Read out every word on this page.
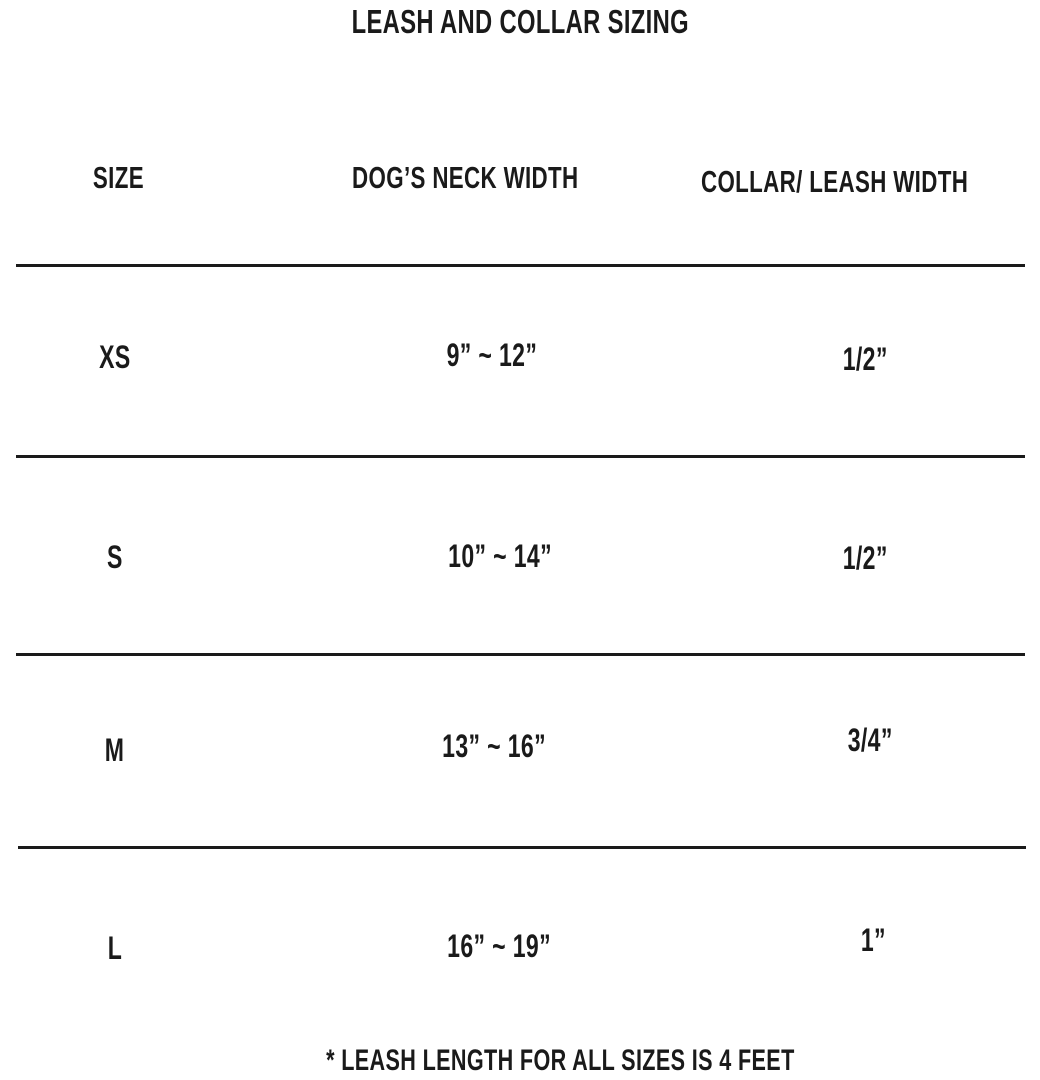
LEASH AND COLLAR SIZING
SIZE	DOG’S NECK WIDTH	COLLAR/ LEASH WIDTH
XS	9” ~ 12”	1/2”
S	10” ~ 14”	1/2”
M	13” ~ 16”	3/4”
L	16” ~ 19”	1”
* LEASH LENGTH FOR ALL SIZES IS 4 FEET
